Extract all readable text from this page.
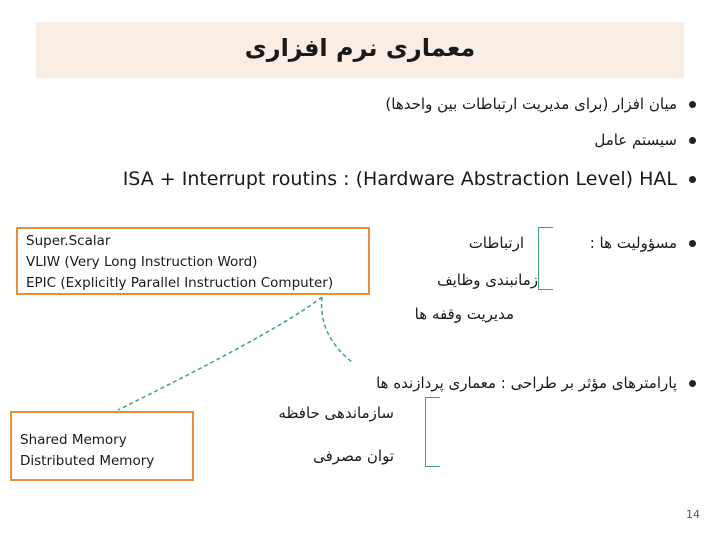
معماری نرم افزاری
میان افزار (برای مدیریت ارتباطات بین واحدها)
سیستم عامل
ISA + Interrupt routins : (Hardware Abstraction Level) HAL
مسؤولیت ها :
پارامترهای مؤثر بر طراحی : معماری پردازنده ها
ارتباطات
زمانبندی وظایف
مدیریت وقفه ها
سازماندهی حافظه
توان مصرفی
Super.Scalar
VLIW (Very Long Instruction Word)
EPIC (Explicitly Parallel Instruction Computer)
Shared Memory
Distributed Memory
14
